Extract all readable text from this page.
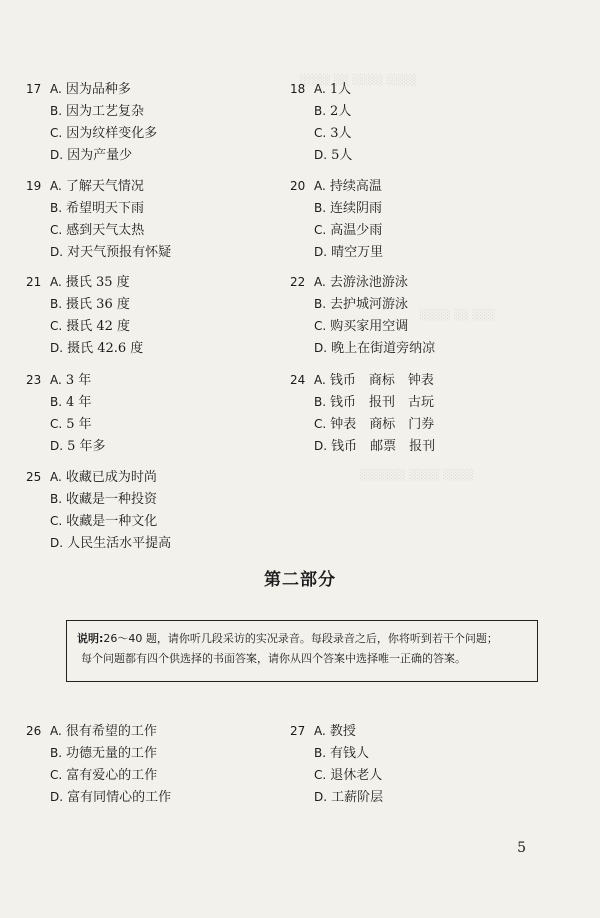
░░░░ ░░ ░░░░ ░░░░
░░░░ ░░ ░░░
░░░░░░ ░░░░ ░░░░
17 A. 因为品种多
B. 因为工艺复杂
C. 因为纹样变化多
D. 因为产量少
18 A. 1人
B. 2人
C. 3人
D. 5人
19 A. 了解天气情况
B. 希望明天下雨
C. 感到天气太热
D. 对天气预报有怀疑
20 A. 持续高温
B. 连续阴雨
C. 高温少雨
D. 晴空万里
21 A. 摄氏 35 度
B. 摄氏 36 度
C. 摄氏 42 度
D. 摄氏 42.6 度
22 A. 去游泳池游泳
B. 去护城河游泳
C. 购买家用空调
D. 晚上在街道旁纳凉
23 A. 3 年
B. 4 年
C. 5 年
D. 5 年多
24 A. 钱币　商标　钟表
B. 钱币　报刊　古玩
C. 钟表　商标　门券
D. 钱币　邮票　报刊
25 A. 收藏已成为时尚
B. 收藏是一种投资
C. 收藏是一种文化
D. 人民生活水平提高
第二部分
说明:26～40 题，请你听几段采访的实况录音。每段录音之后，你将听到若干个问题；
每个问题都有四个供选择的书面答案，请你从四个答案中选择唯一正确的答案。
26 A. 很有希望的工作
B. 功德无量的工作
C. 富有爱心的工作
D. 富有同情心的工作
27 A. 教授
B. 有钱人
C. 退休老人
D. 工薪阶层
5
